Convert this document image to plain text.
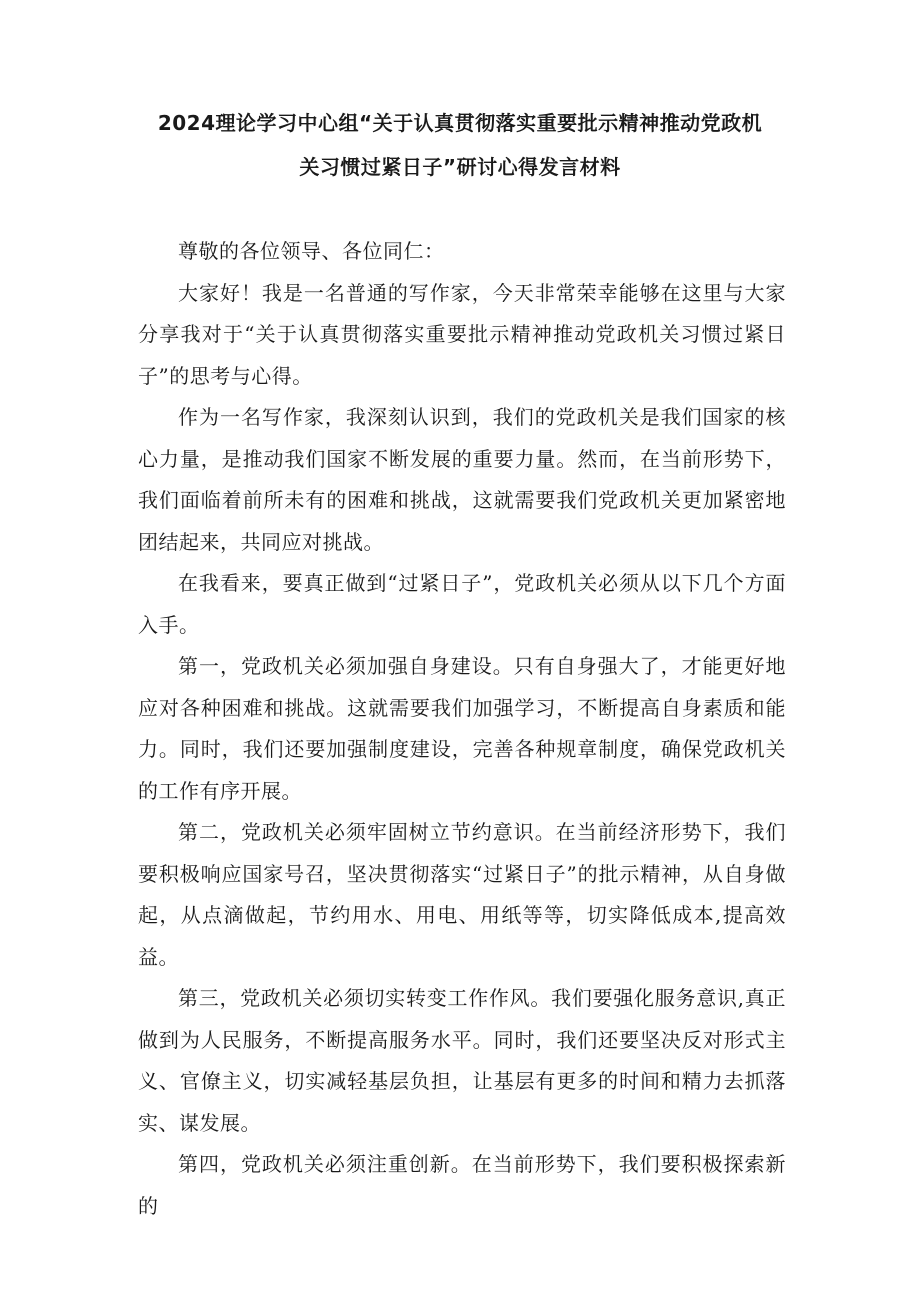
2024理论学习中心组“关于认真贯彻落实重要批示精神推动党政机
关习惯过紧日子”研讨心得发言材料

尊敬的各位领导、各位同仁：

大家好！我是一名普通的写作家，今天非常荣幸能够在这里与大家分享我对于“关于认真贯彻落实重要批示精神推动党政机关习惯过紧日子”的思考与心得。

作为一名写作家，我深刻认识到，我们的党政机关是我们国家的核心力量，是推动我们国家不断发展的重要力量。然而，在当前形势下，我们面临着前所未有的困难和挑战，这就需要我们党政机关更加紧密地团结起来，共同应对挑战。

在我看来，要真正做到“过紧日子”，党政机关必须从以下几个方面入手。

第一，党政机关必须加强自身建设。只有自身强大了，才能更好地应对各种困难和挑战。这就需要我们加强学习，不断提高自身素质和能力。同时，我们还要加强制度建设，完善各种规章制度，确保党政机关的工作有序开展。

第二，党政机关必须牢固树立节约意识。在当前经济形势下，我们要积极响应国家号召，坚决贯彻落实“过紧日子”的批示精神，从自身做起，从点滴做起，节约用水、用电、用纸等等，切实降低成本,提高效益。

第三，党政机关必须切实转变工作作风。我们要强化服务意识,真正做到为人民服务，不断提高服务水平。同时，我们还要坚决反对形式主义、官僚主义，切实减轻基层负担，让基层有更多的时间和精力去抓落实、谋发展。

第四，党政机关必须注重创新。在当前形势下，我们要积极探索新的
